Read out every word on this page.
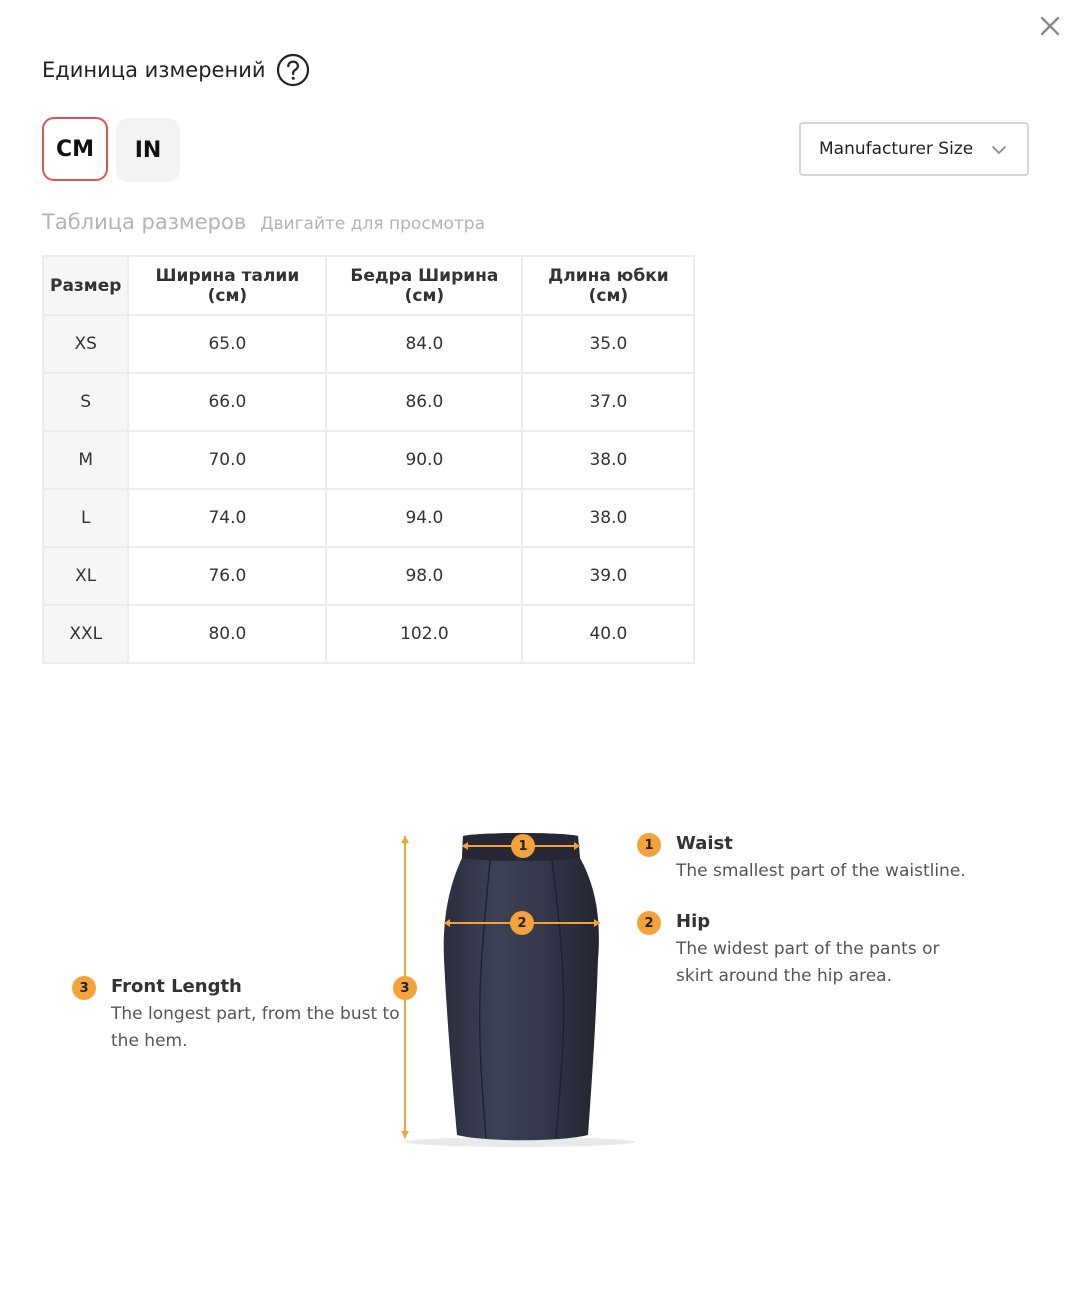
Единица измерений
CM	IN	Manufacturer Size
Таблица размеров Двигайте для просмотра
Размер	Ширина талии (см)	Бедра Ширина (см)	Длина юбки (см)
XS	65.0	84.0	35.0
S	66.0	86.0	37.0
M	70.0	90.0	38.0
L	74.0	94.0	38.0
XL	76.0	98.0	39.0
XXL	80.0	102.0	40.0
1
2
3
1	Waist
The smallest part of the waistline.
2	Hip
The widest part of the pants or
skirt around the hip area.
3	Front Length
The longest part, from the bust to
the hem.
